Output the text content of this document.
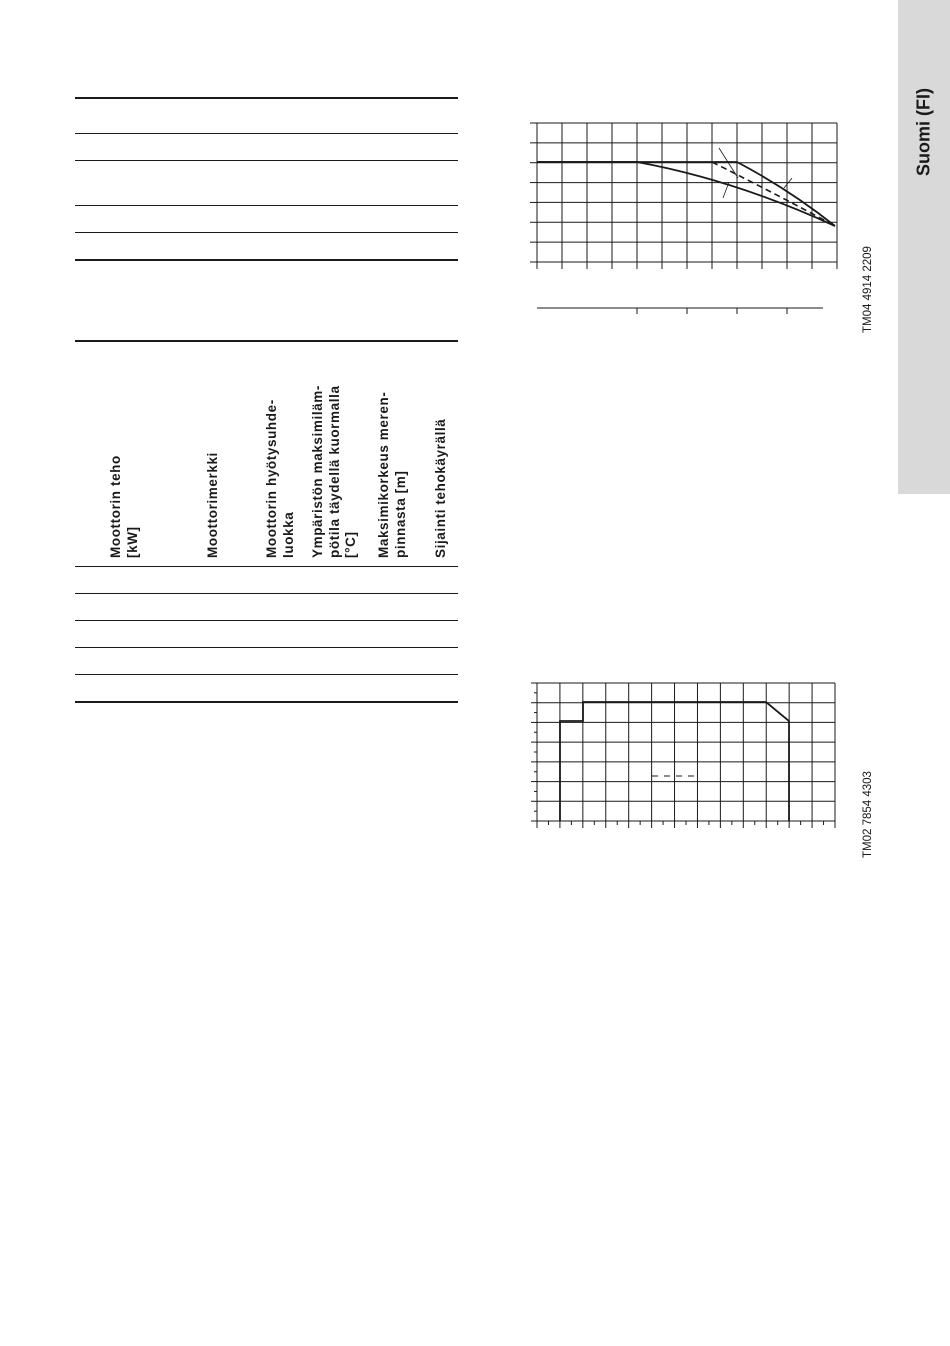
Suomi (FI)
Moottorin teho [kW]	Moottorimerkki	Moottorin hyötysuhde- luokka Ympäristön maksimiläm- pötila täydellä kuormalla [°C] Maksimikorkeus meren- pinnasta [m] Sijainti tehokäyrällä
TM04 4914 2209
TM02 7854 4303
